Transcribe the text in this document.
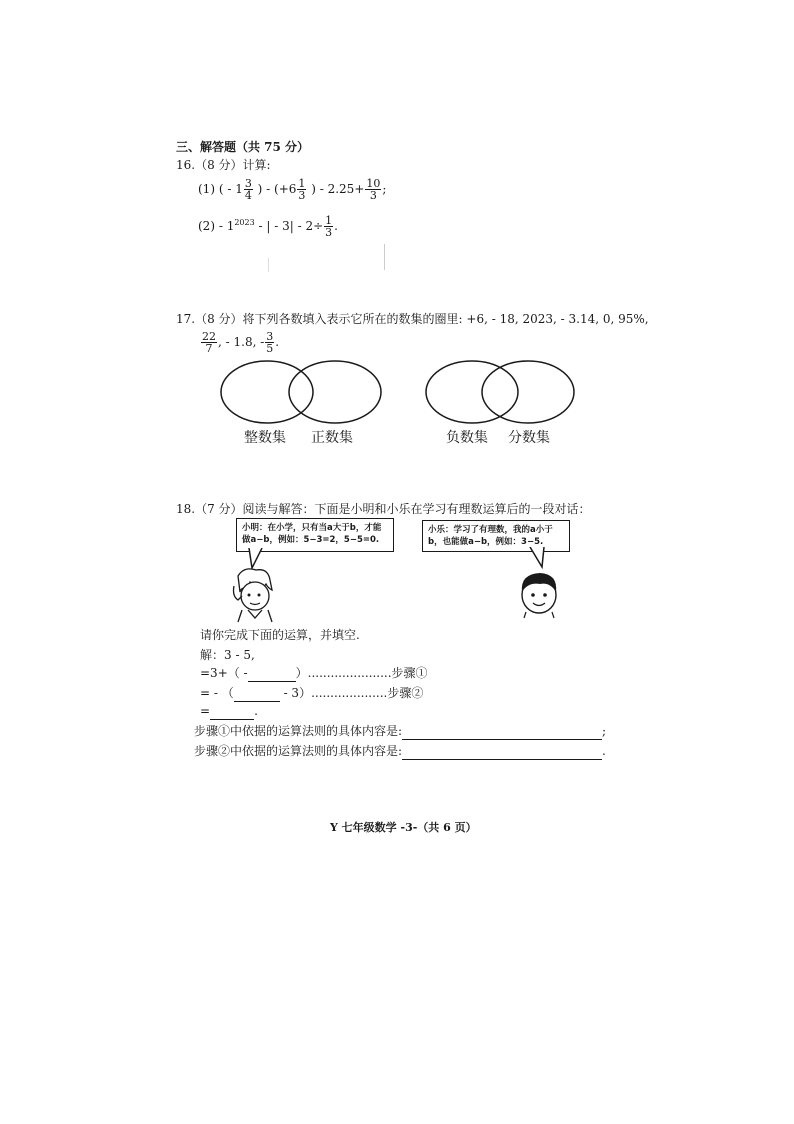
三、解答题（共 75 分）
16.（8 分）计算:
(1) ( - $1 \frac{3}{4}$ ) - ($+6 \frac{1}{3}$ ) - $2.25+ \frac{10}{3}$ ;
$(2) - 1^{2023}$ - | - $3| - 2\div \frac{1}{3}$ .
17.（8 分）将下列各数填入表示它所在的数集的圈里: +6, - 18, 2023, - 3.14, 0, 95%,
$\frac{22}{7}$ , - 1.8, - $\frac{3}{5}$ .
整数集 正数集	负数集 分数集
18.（7 分）阅读与解答：下面是小明和小乐在学习有理数运算后的一段对话：
小明：在小学，只有当a大于b，才能做a−b，例如：5−3=2，5−5=0.
小乐：学习了有理数，我的a小于b，也能做a−b，例如：3−5.
请你完成下面的运算，并填空.
解：3 - 5,
=3+（ -	）......................步骤①
= - （	- 3）....................步骤②
=	.
步骤①中依据的运算法则的具体内容是:	;
步骤②中依据的运算法则的具体内容是:	.
Y 七年级数学 -3-（共 6 页）
